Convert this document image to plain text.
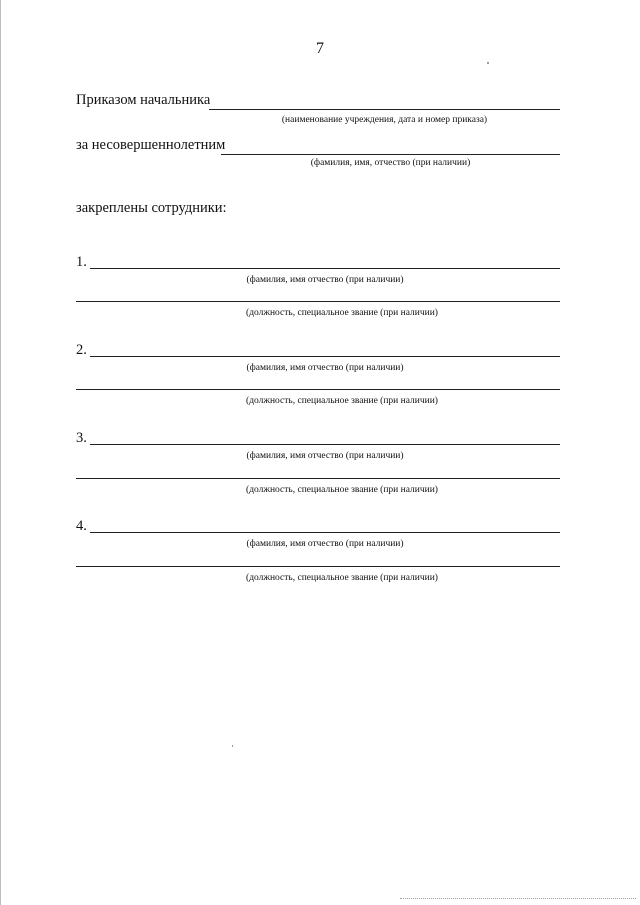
7
Приказом начальника
(наименование учреждения, дата и номер приказа)
за несовершеннолетним
(фамилия, имя, отчество (при наличии)
закреплены сотрудники:
1.
(фамилия, имя отчество (при наличии)
(должность, специальное звание (при наличии)
2.
(фамилия, имя отчество (при наличии)
(должность, специальное звание (при наличии)
3.
(фамилия, имя отчество (при наличии)
(должность, специальное звание (при наличии)
4.
(фамилия, имя отчество (при наличии)
(должность, специальное звание (при наличии)
